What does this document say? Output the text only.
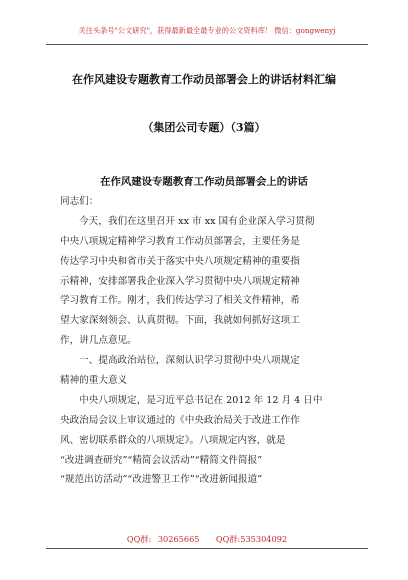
关注头条号"公文研究"，获得最新最全最专业的公文资料库！ 微信：gongwenyj
在作风建设专题教育工作动员部署会上的讲话材料汇编
（集团公司专题）（3篇）
在作风建设专题教育工作动员部署会上的讲话
同志们：
　　今天，我们在这里召开 xx 市 xx 国有企业深入学习贯彻
中央八项规定精神学习教育工作动员部署会，主要任务是
传达学习中央和省市关于落实中央八项规定精神的重要指
示精神，安排部署我企业深入学习贯彻中央八项规定精神
学习教育工作。刚才，我们传达学习了相关文件精神，希
望大家深刻领会、认真贯彻。下面，我就如何抓好这项工
作，讲几点意见。
　　一、提高政治站位，深刻认识学习贯彻中央八项规定
精神的重大意义
　　中央八项规定，是习近平总书记在 2012 年 12 月 4 日中
央政治局会议上审议通过的《中央政治局关于改进工作作
风、密切联系群众的八项规定》。八项规定内容，就是
“改进调查研究”“精简会议活动”“精简文件简报”
“规范出访活动”“改进警卫工作”“改进新闻报道”
QQ群: 30265665　　QQ群:535304092
